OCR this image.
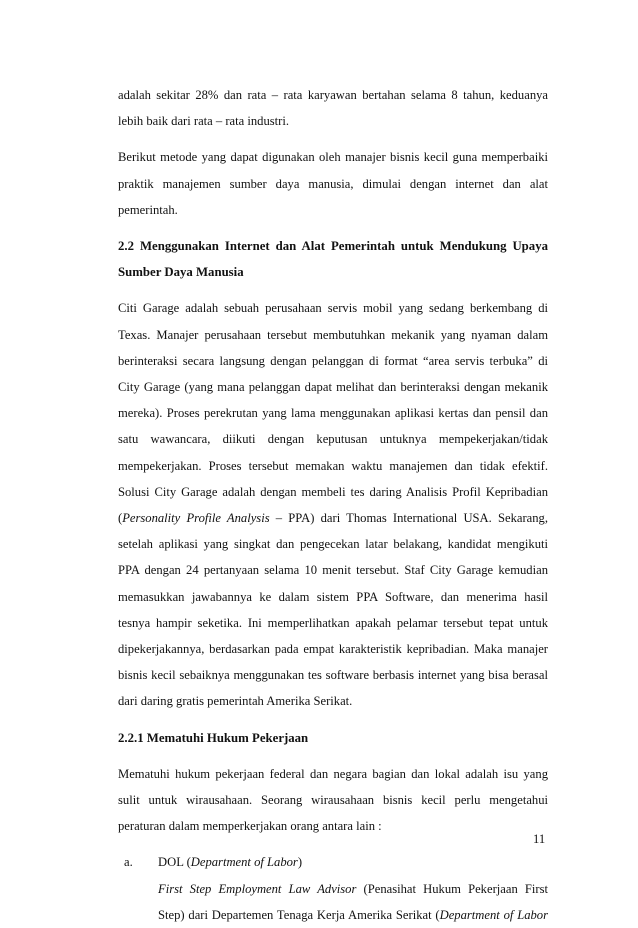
adalah sekitar 28% dan rata – rata karyawan bertahan selama 8 tahun, keduanya
lebih baik dari rata – rata industri.

Berikut metode yang dapat digunakan oleh manajer bisnis kecil guna memperbaiki
praktik manajemen sumber daya manusia, dimulai dengan internet dan alat
pemerintah.

2.2 Menggunakan Internet dan Alat Pemerintah untuk Mendukung Upaya
Sumber Daya Manusia

Citi Garage adalah sebuah perusahaan servis mobil yang sedang berkembang di
Texas. Manajer perusahaan tersebut membutuhkan mekanik yang nyaman dalam
berinteraksi secara langsung dengan pelanggan di format “area servis terbuka” di
City Garage (yang mana pelanggan dapat melihat dan berinteraksi dengan mekanik
mereka). Proses perekrutan yang lama menggunakan aplikasi kertas dan pensil dan
satu wawancara, diikuti dengan keputusan untuknya mempekerjakan/tidak
mempekerjakan. Proses tersebut memakan waktu manajemen dan tidak efektif.
Solusi City Garage adalah dengan membeli tes daring Analisis Profil Kepribadian
(Personality Profile Analysis – PPA) dari Thomas International USA. Sekarang,
setelah aplikasi yang singkat dan pengecekan latar belakang, kandidat mengikuti
PPA dengan 24 pertanyaan selama 10 menit tersebut. Staf City Garage kemudian
memasukkan jawabannya ke dalam sistem PPA Software, dan menerima hasil
tesnya hampir seketika. Ini memperlihatkan apakah pelamar tersebut tepat untuk
dipekerjakannya, berdasarkan pada empat karakteristik kepribadian. Maka manajer
bisnis kecil sebaiknya menggunakan tes software berbasis internet yang bisa berasal
dari daring gratis pemerintah Amerika Serikat.

2.2.1 Mematuhi Hukum Pekerjaan

Mematuhi hukum pekerjaan federal dan negara bagian dan lokal adalah isu yang
sulit untuk wirausahaan. Seorang wirausahaan bisnis kecil perlu mengetahui
peraturan dalam memperkerjakan orang antara lain :

a. DOL (Department of Labor)
First Step Employment Law Advisor (Penasihat Hukum Pekerjaan First
Step) dari Departemen Tenaga Kerja Amerika Serikat (Department of Labor
11
